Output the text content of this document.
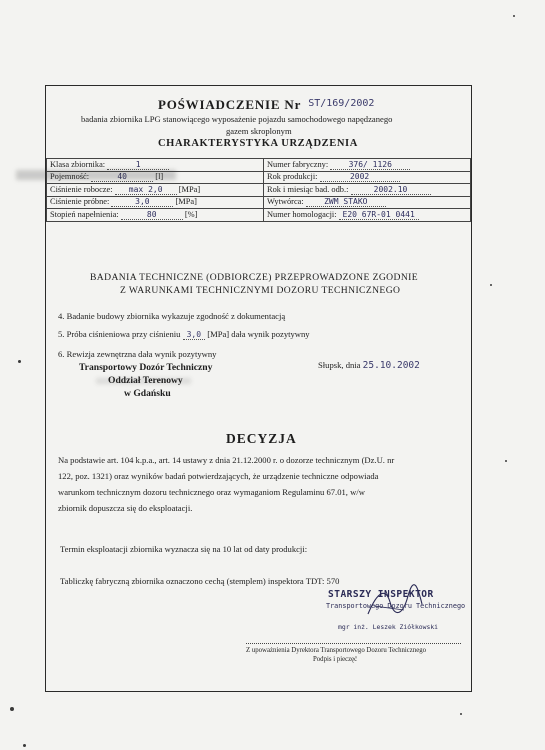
POŚWIADCZENIE Nr ST/169/2002
badania zbiornika LPG stanowiącego wyposażenie pojazdu samochodowego napędzanego
gazem skroplonym
CHARAKTERYSTYKA URZĄDZENIA
Klasa zbiornika: 1	Numer fabryczny: 376/ 1126
Pojemność: 40 [l]	Rok produkcji: 2002
Ciśnienie robocze: max 2,0 [MPa]	Rok i miesiąc bad. odb.: 2002.10
Ciśnienie próbne: 3,0 [MPa]	Wytwórca: ZWM STAKO
Stopień napełnienia: 80 [%]	Numer homologacji: E20 67R-01 0441
BADANIA TECHNICZNE (ODBIORCZE) PRZEPROWADZONE ZGODNIE
Z WARUNKAMI TECHNICZNYMI DOZORU TECHNICZNEGO
4. Badanie budowy zbiornika wykazuje zgodność z dokumentacją
5. Próba ciśnieniowa przy ciśnieniu 3,0 [MPa] dała wynik pozytywny
6. Rewizja zewnętrzna dała wynik pozytywny
Transportowy Dozór Techniczny
Oddział Terenowy
w Gdańsku
Słupsk, dnia 25.10.2002
DECYZJA
Na podstawie art. 104 k.p.a., art. 14 ustawy z dnia 21.12.2000 r. o dozorze technicznym (Dz.U. nr
122, poz. 1321) oraz wyników badań potwierdzających, że urządzenie techniczne odpowiada
warunkom technicznym dozoru technicznego oraz wymaganiom Regulaminu 67.01, w/w
zbiornik dopuszcza się do eksploatacji.
Termin eksploatacji zbiornika wyznacza się na 10 lat od daty produkcji:
Tabliczkę fabryczną zbiornika oznaczono cechą (stemplem) inspektora TDT: 570
STARSZY INSPEKTOR
Transportowego Dozoru Technicznego
mgr inż. Leszek Ziółkowski
Z upoważnienia Dyrektora Transportowego Dozoru Technicznego
Podpis i pieczęć
